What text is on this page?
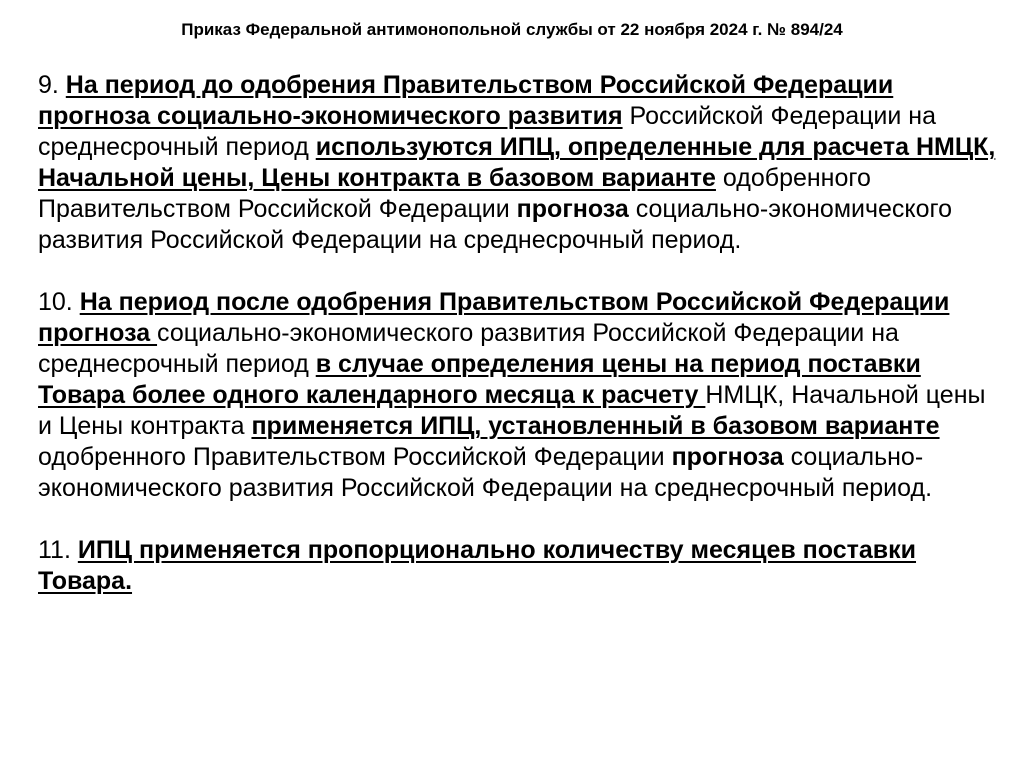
Приказ Федеральной антимонопольной службы от 22 ноября 2024 г. № 894/24

9. На период до одобрения Правительством Российской Федерации прогноза социально-экономического развития Российской Федерации на среднесрочный период используются ИПЦ, определенные для расчета НМЦК, Начальной цены, Цены контракта в базовом варианте одобренного Правительством Российской Федерации прогноза социально-экономического развития Российской Федерации на среднесрочный период.

10. На период после одобрения Правительством Российской Федерации прогноза социально-экономического развития Российской Федерации на среднесрочный период в случае определения цены на период поставки Товара более одного календарного месяца к расчету НМЦК, Начальной цены и Цены контракта применяется ИПЦ, установленный в базовом варианте одобренного Правительством Российской Федерации прогноза социально-экономического развития Российской Федерации на среднесрочный период.

11. ИПЦ применяется пропорционально количеству месяцев поставки Товара.
